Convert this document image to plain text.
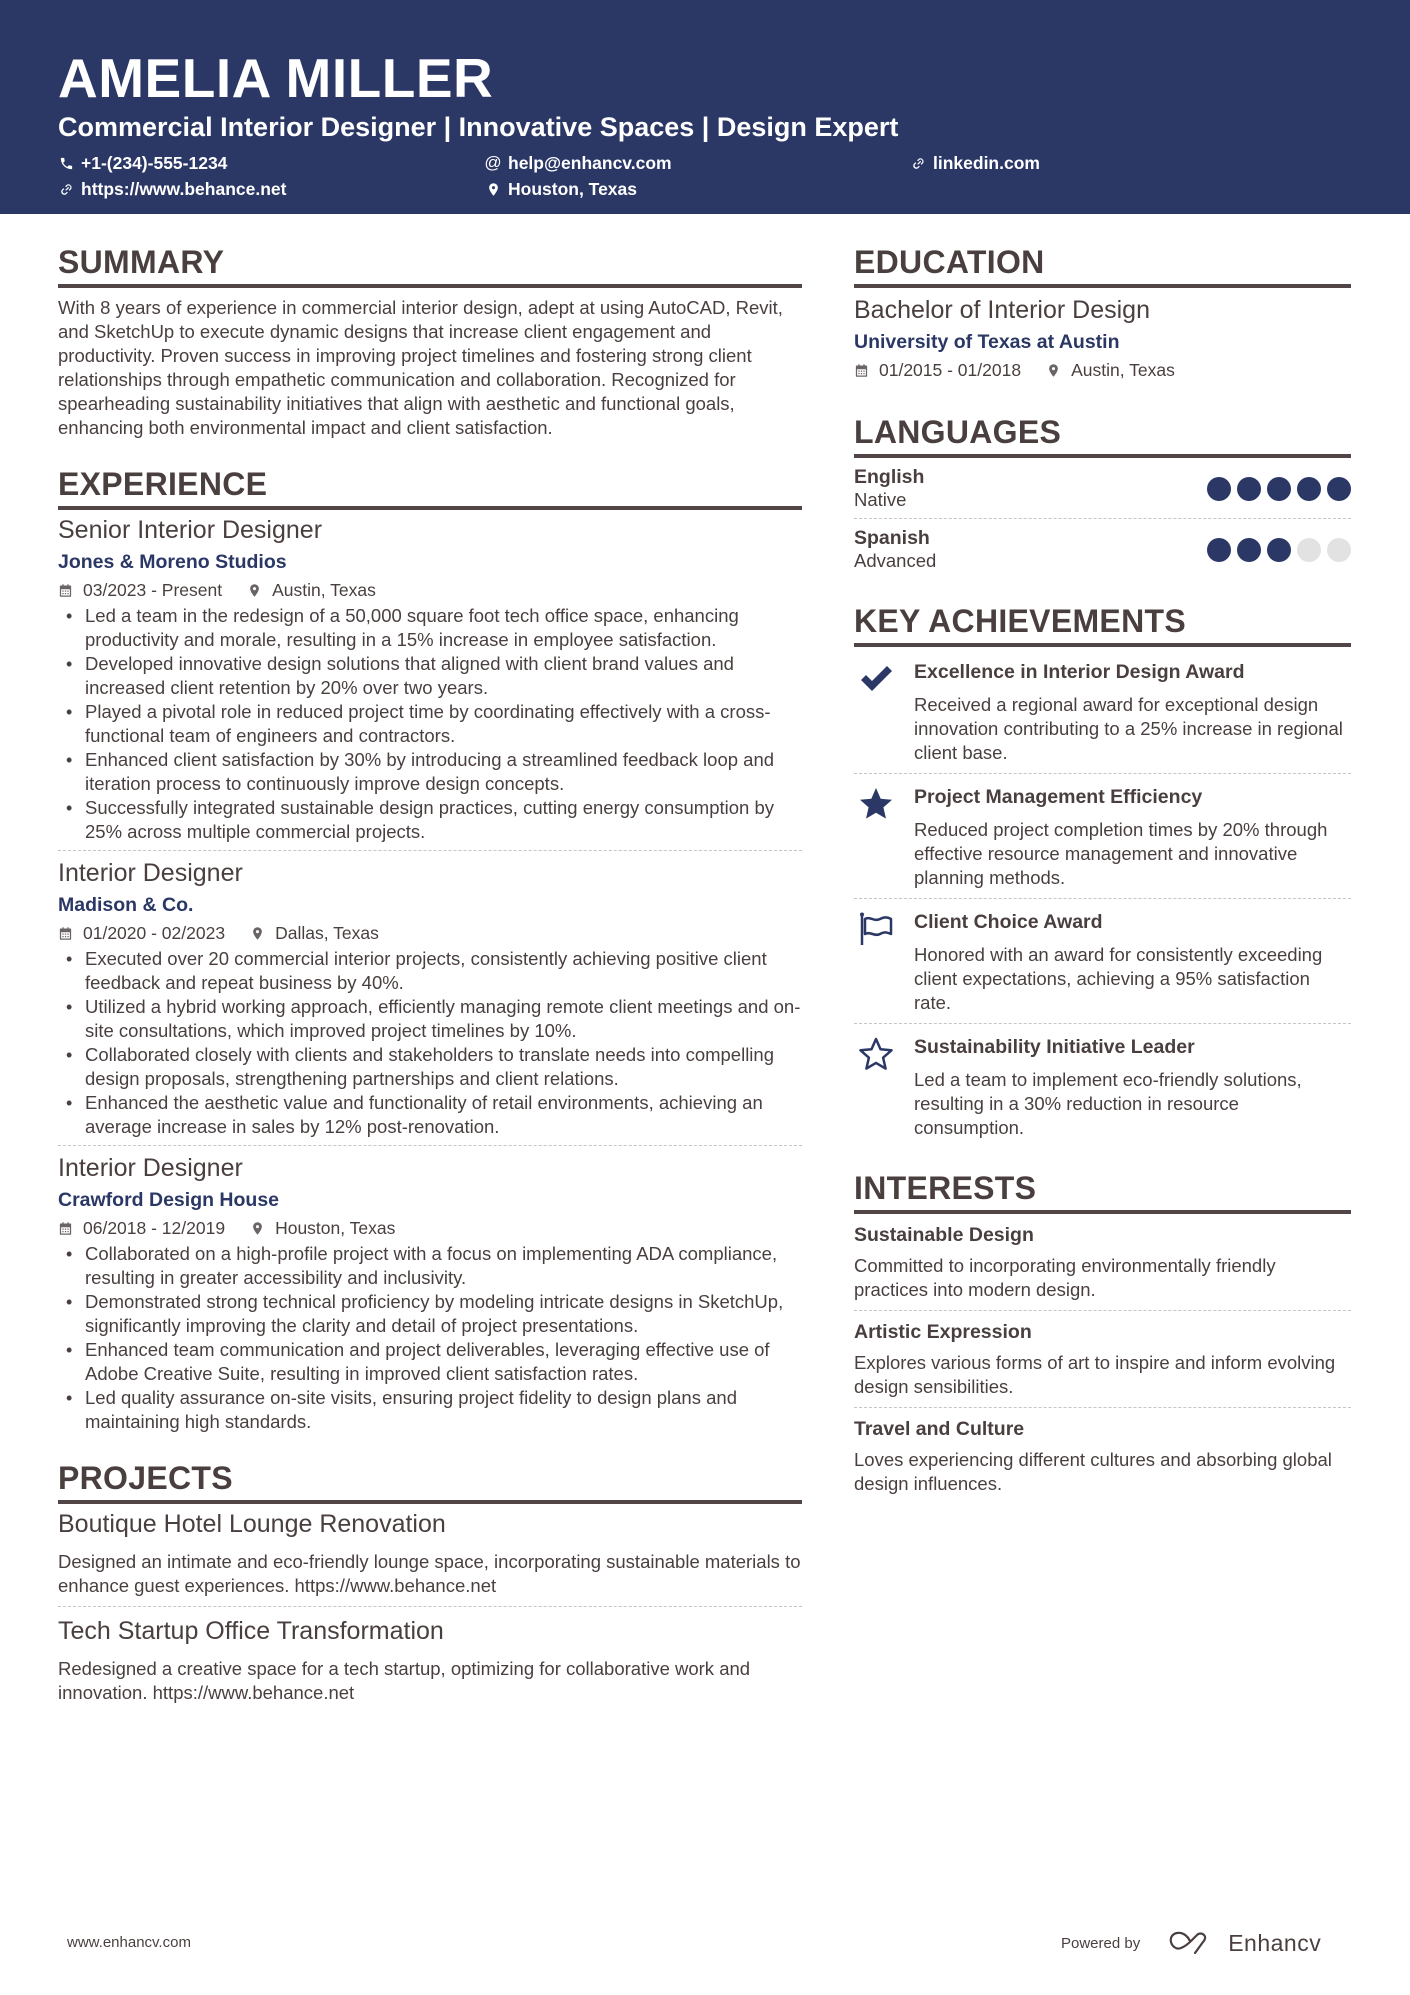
AMELIA MILLER
Commercial Interior Designer | Innovative Spaces | Design Expert
+1-(234)-555-1234	@ help@enhancv.com	linkedin.com
https://www.behance.net	Houston, Texas
SUMMARY
With 8 years of experience in commercial interior design, adept at using AutoCAD, Revit, and SketchUp to execute dynamic designs that increase client engagement and productivity. Proven success in improving project timelines and fostering strong client relationships through empathetic communication and collaboration. Recognized for spearheading sustainability initiatives that align with aesthetic and functional goals, enhancing both environmental impact and client satisfaction.
EXPERIENCE
Senior Interior Designer
Jones & Moreno Studios
03/2023 - Present	Austin, Texas
• Led a team in the redesign of a 50,000 square foot tech office space, enhancing productivity and morale, resulting in a 15% increase in employee satisfaction.
• Developed innovative design solutions that aligned with client brand values and increased client retention by 20% over two years.
• Played a pivotal role in reduced project time by coordinating effectively with a cross-functional team of engineers and contractors.
• Enhanced client satisfaction by 30% by introducing a streamlined feedback loop and iteration process to continuously improve design concepts.
• Successfully integrated sustainable design practices, cutting energy consumption by 25% across multiple commercial projects.
Interior Designer
Madison & Co.
01/2020 - 02/2023	Dallas, Texas
• Executed over 20 commercial interior projects, consistently achieving positive client feedback and repeat business by 40%.
• Utilized a hybrid working approach, efficiently managing remote client meetings and on-site consultations, which improved project timelines by 10%.
• Collaborated closely with clients and stakeholders to translate needs into compelling design proposals, strengthening partnerships and client relations.
• Enhanced the aesthetic value and functionality of retail environments, achieving an average increase in sales by 12% post-renovation.
Interior Designer
Crawford Design House
06/2018 - 12/2019	Houston, Texas
• Collaborated on a high-profile project with a focus on implementing ADA compliance, resulting in greater accessibility and inclusivity.
• Demonstrated strong technical proficiency by modeling intricate designs in SketchUp, significantly improving the clarity and detail of project presentations.
• Enhanced team communication and project deliverables, leveraging effective use of Adobe Creative Suite, resulting in improved client satisfaction rates.
• Led quality assurance on-site visits, ensuring project fidelity to design plans and maintaining high standards.
PROJECTS
Boutique Hotel Lounge Renovation
Designed an intimate and eco-friendly lounge space, incorporating sustainable materials to enhance guest experiences. https://www.behance.net
Tech Startup Office Transformation
Redesigned a creative space for a tech startup, optimizing for collaborative work and innovation. https://www.behance.net
EDUCATION
Bachelor of Interior Design
University of Texas at Austin
01/2015 - 01/2018	Austin, Texas
LANGUAGES
English
Native
Spanish
Advanced
KEY ACHIEVEMENTS
Excellence in Interior Design Award
Received a regional award for exceptional design innovation contributing to a 25% increase in regional client base.
Project Management Efficiency
Reduced project completion times by 20% through effective resource management and innovative planning methods.
Client Choice Award
Honored with an award for consistently exceeding client expectations, achieving a 95% satisfaction rate.
Sustainability Initiative Leader
Led a team to implement eco-friendly solutions, resulting in a 30% reduction in resource consumption.
INTERESTS
Sustainable Design
Committed to incorporating environmentally friendly practices into modern design.
Artistic Expression
Explores various forms of art to inspire and inform evolving design sensibilities.
Travel and Culture
Loves experiencing different cultures and absorbing global design influences.
www.enhancv.com	Powered by	Enhancv
